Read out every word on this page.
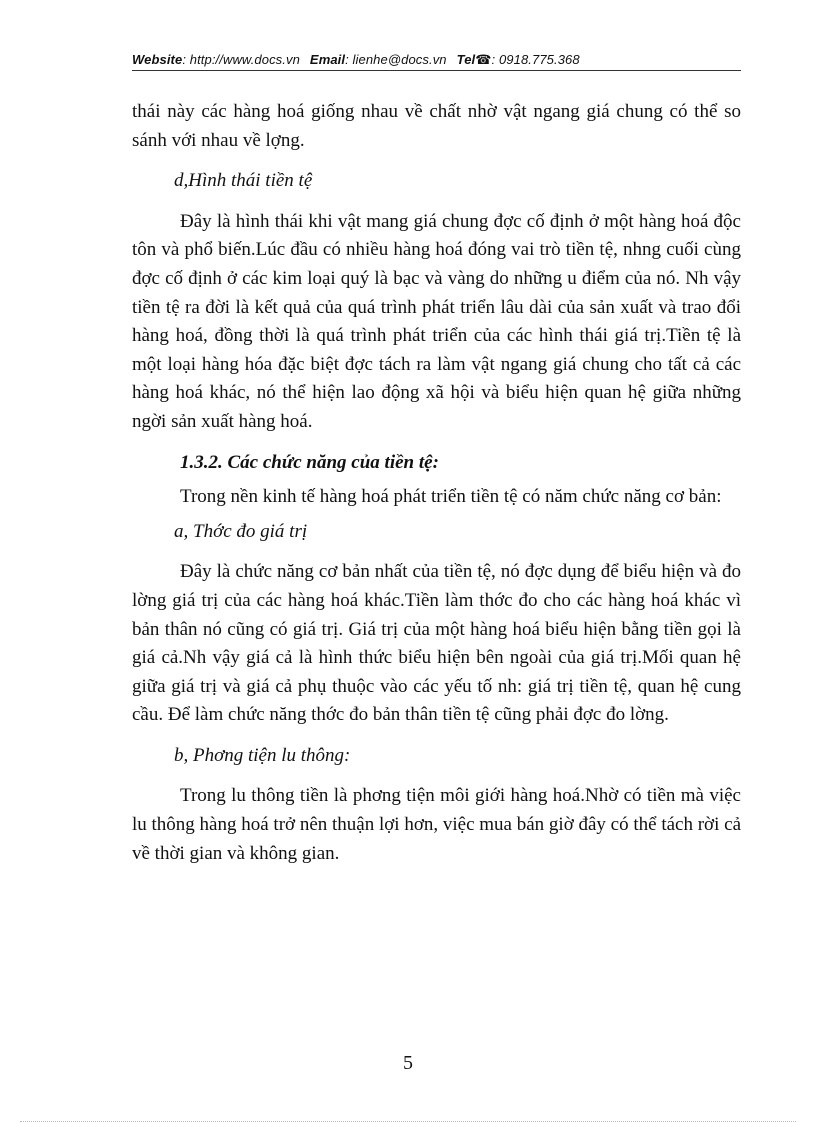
Website: http://www.docs.vn Email: lienhe@docs.vn Tel☎: 0918.775.368

thái này các hàng hoá giống nhau về chất nhờ vật ngang giá chung có thể so sánh với nhau về lợng.

d,Hình thái tiền tệ

Đây là hình thái khi vật mang giá chung đợc cố định ở một hàng hoá độc tôn và phổ biến.Lúc đầu có nhiều hàng hoá đóng vai trò tiền tệ, nhng cuối cùng đợc cố định ở các kim loại quý là bạc và vàng do những u điểm của nó. Nh vậy tiền tệ ra đời là kết quả của quá trình phát triển lâu dài của sản xuất và trao đổi hàng hoá, đồng thời là quá trình phát triển của các hình thái giá trị.Tiền tệ là một loại hàng hóa đặc biệt đợc tách ra làm vật ngang giá chung cho tất cả các hàng hoá khác, nó thể hiện lao động xã hội và biểu hiện quan hệ giữa những ngời sản xuất hàng hoá.

1.3.2. Các chức năng của tiền tệ:

Trong nền kinh tế hàng hoá phát triển tiền tệ có năm chức năng cơ bản:

a, Thớc đo giá trị

Đây là chức năng cơ bản nhất của tiền tệ, nó đợc dụng để biểu hiện và đo lờng giá trị của các hàng hoá khác.Tiền làm thớc đo cho các hàng hoá khác vì bản thân nó cũng có giá trị. Giá trị của một hàng hoá biểu hiện bằng tiền gọi là giá cả.Nh vậy giá cả là hình thức biểu hiện bên ngoài của giá trị.Mối quan hệ giữa giá trị và giá cả phụ thuộc vào các yếu tố nh: giá trị tiền tệ, quan hệ cung cầu. Để làm chức năng thớc đo bản thân tiền tệ cũng phải đợc đo lờng.

b, Phơng tiện lu thông:

Trong lu thông tiền là phơng tiện môi giới hàng hoá.Nhờ có tiền mà việc lu thông hàng hoá trở nên thuận lợi hơn, việc mua bán giờ đây có thể tách rời cả về thời gian và không gian.

5
